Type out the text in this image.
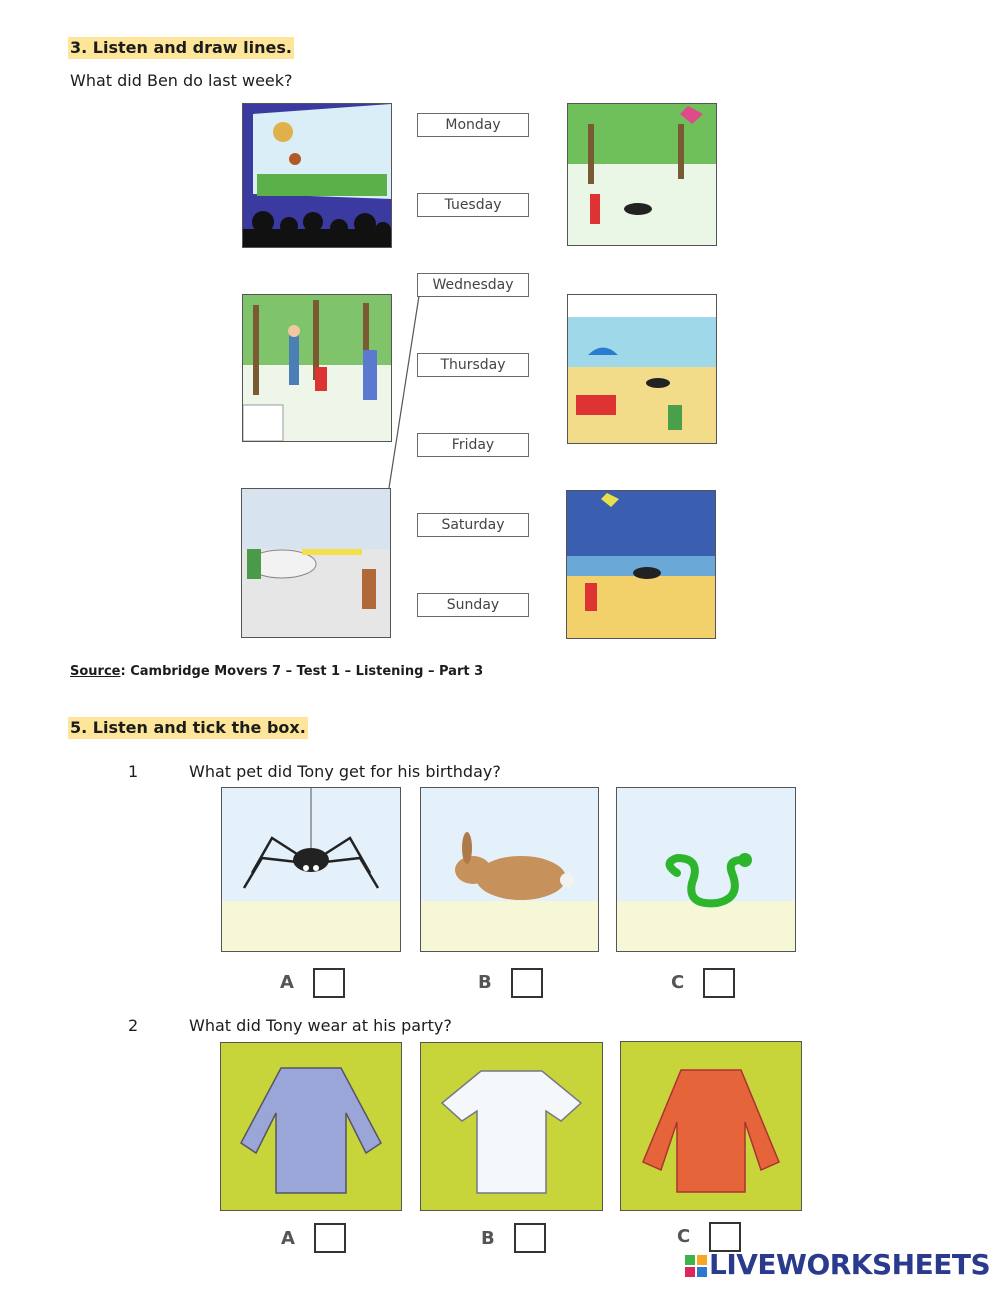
3. Listen and draw lines.
What did Ben do last week?
Monday
Tuesday
Wednesday
Thursday
Friday
Saturday
Sunday
Source: Cambridge Movers 7 – Test 1 – Listening – Part 3
5. Listen and tick the box.
1	What pet did Tony get for his birthday?
A	B	C
2	What did Tony wear at his party?
A	B	C
LIVEWORKSHEETS
